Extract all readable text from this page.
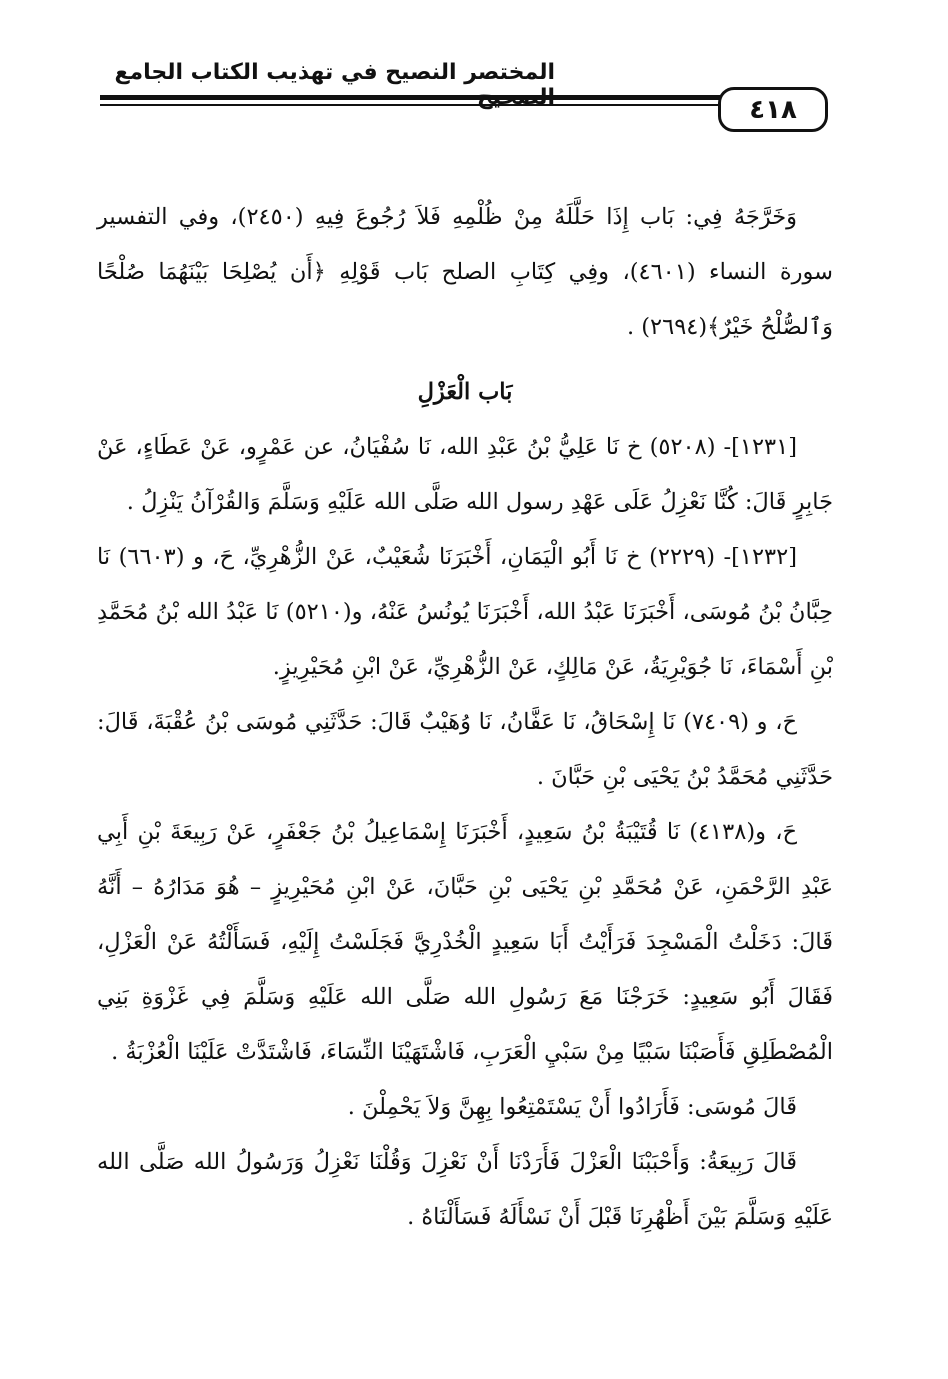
المختصر النصيح في تهذيب الكتاب الجامع
٤١٨

وَخَرَّجَهُ فِي: بَاب إِذَا حَلَّلَهُ مِنْ ظُلْمِهِ فَلاَ رُجُوعَ فِيهِ (٢٤٥٠)، وفي التفسير سورة النساء (٤٦٠١)، وفِي كِتَابِ الصلح بَاب قَوْلِهِ ﴿أَن يُصْلِحَا بَيْنَهُمَا صُلْحًا وَٱلصُّلْحُ خَيْرٌ﴾(٢٦٩٤) .

بَاب الْعَزْلِ

[١٢٣١]- (٥٢٠٨) خ نَا عَلِيُّ بْنُ عَبْدِ الله، نَا سُفْيَانُ، عن عَمْرٍو، عَنْ عَطَاءٍ، عَنْ جَابِرٍ قَالَ: كُنَّا نَعْزِلُ عَلَى عَهْدِ رسول الله صَلَّى الله عَلَيْهِ وَسَلَّمَ وَالقُرْآنُ يَنْزِلُ .

[١٢٣٢]- (٢٢٢٩) خ نَا أَبُو الْيَمَانِ، أَخْبَرَنَا شُعَيْبٌ، عَنْ الزُّهْرِيِّ، حَ، و (٦٦٠٣) نَا حِبَّانُ بْنُ مُوسَى، أَخْبَرَنَا عَبْدُ الله، أَخْبَرَنَا يُونُسُ عَنْهُ، و(٥٢١٠) نَا عَبْدُ الله بْنُ مُحَمَّدِ بْنِ أَسْمَاءَ، نَا جُوَيْرِيَةُ، عَنْ مَالِكٍ، عَنْ الزُّهْرِيِّ، عَنْ ابْنِ مُحَيْرِيزٍ.

حَ، و (٧٤٠٩) نَا إِسْحَاقُ، نَا عَفَّانُ، نَا وُهَيْبٌ قَالَ: حَدَّثَنِي مُوسَى بْنُ عُقْبَةَ، قَالَ: حَدَّثَنِي مُحَمَّدُ بْنُ يَحْيَى بْنِ حَبَّانَ .

حَ، و(٤١٣٨) نَا قُتَيْبَةُ بْنُ سَعِيدٍ، أَخْبَرَنَا إِسْمَاعِيلُ بْنُ جَعْفَرٍ، عَنْ رَبِيعَةَ بْنِ أَبِي عَبْدِ الرَّحْمَنِ، عَنْ مُحَمَّدِ بْنِ يَحْيَى بْنِ حَبَّانَ، عَنْ ابْنِ مُحَيْرِيزٍ – هُوَ مَدَارُهُ – أَنَّهُ قَالَ: دَخَلْتُ الْمَسْجِدَ فَرَأَيْتُ أَبَا سَعِيدٍ الْخُدْرِيَّ فَجَلَسْتُ إِلَيْهِ، فَسَأَلْتُهُ عَنْ الْعَزْلِ، فَقَالَ أَبُو سَعِيدٍ: خَرَجْنَا مَعَ رَسُولِ الله صَلَّى الله عَلَيْهِ وَسَلَّمَ فِي غَزْوَةِ بَنِي الْمُصْطَلِقِ فَأَصَبْنَا سَبْيًا مِنْ سَبْيِ الْعَرَبِ، فَاشْتَهَيْنَا النِّسَاءَ، فَاشْتَدَّتْ عَلَيْنَا الْعُزْبَةُ .

قَالَ مُوسَى: فَأَرَادُوا أَنْ يَسْتَمْتِعُوا بِهِنَّ وَلاَ يَحْمِلْنَ .

قَالَ رَبِيعَةُ: وَأَحْبَبْنَا الْعَزْلَ فَأَرَدْنَا أَنْ نَعْزِلَ وَقُلْنَا نَعْزِلُ وَرَسُولُ الله صَلَّى الله عَلَيْهِ وَسَلَّمَ بَيْنَ أَظْهُرِنَا قَبْلَ أَنْ نَسْأَلَهُ فَسَأَلْنَاهُ .
